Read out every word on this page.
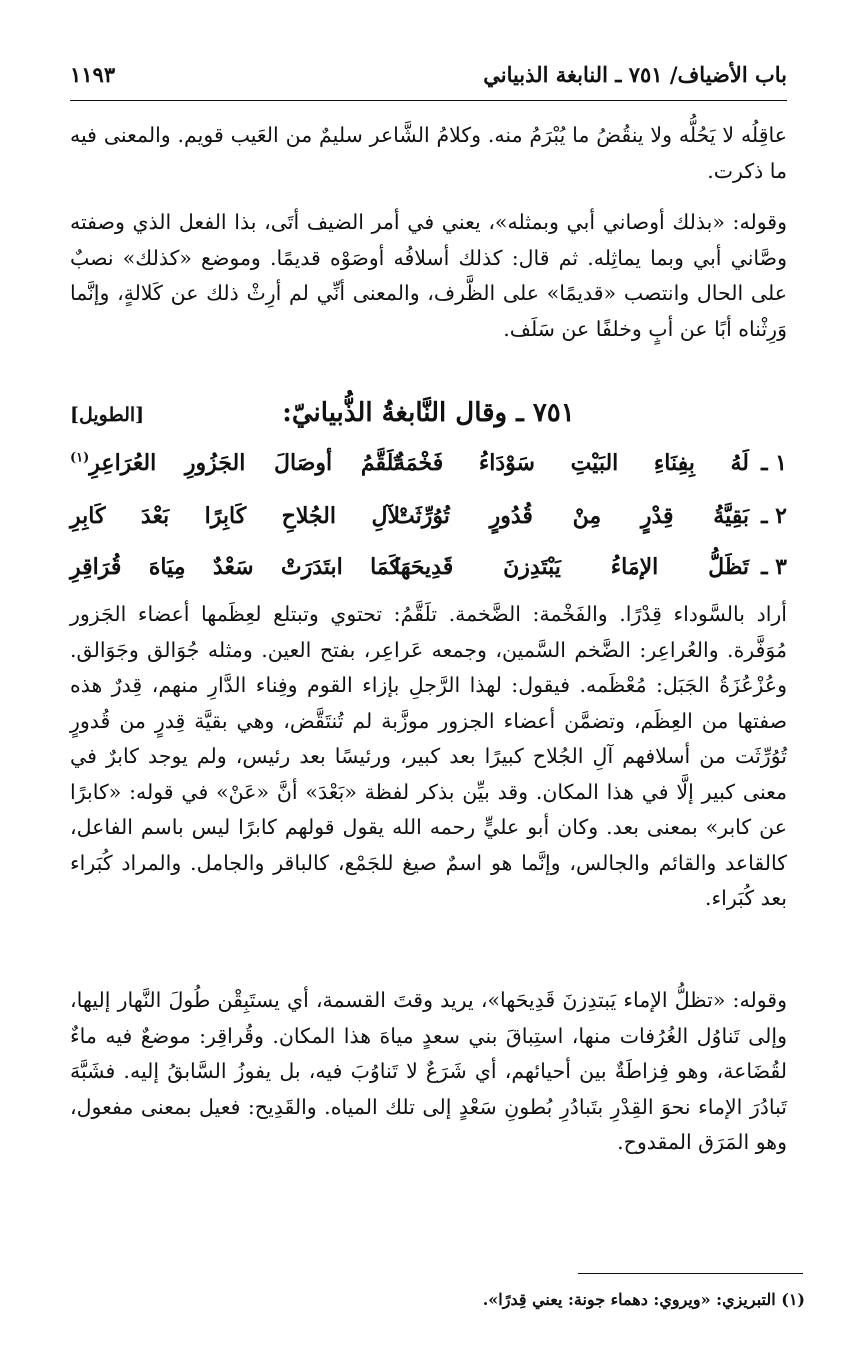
باب الأضياف/ ٧٥١ ـ النابغة الذبياني
١١٩٣

عاقِلُه لا يَحُلُّه ولا ينقُضُ ما يُبْرَمُ منه. وكلامُ الشَّاعر سليمٌ من العَيب قويم. والمعنى فيه ما ذكرت.

وقوله: «بذلك أوصاني أبي وبمثله»، يعني في أمر الضيف أتَى، بذا الفعل الذي وصفته وصَّاني أبي وبما يماثِله. ثم قال: كذلك أسلافُه أوصَوْه قديمًا. وموضع «كذلك» نصبٌ على الحال وانتصب «قديمًا» على الظَّرف، والمعنى أنِّي لم أرِثْ ذلك عن كَلالةٍ، وإنَّما وَرِثْناه أبًا عن أبٍ وخلفًا عن سَلَف.

٧٥١ ـ وقال النَّابغةُ الذُّبيانيّ:
[الطويل]
١ ـ
لَهُ بِفِنَاءِ البَيْتِ سَوْدَاءُ فَخْمَةٌ
تَلَقَّمُ أوصَالَ الجَزُورِ العُرَاعِرِ$^{(١)}$
٢ ـ
بَقِيَّةُ قِدْرٍ مِنْ قُدُورٍ تُوُرِّثَتْ
لآلِ الجُلاحِ كَابِرًا بَعْدَ كَابِرِ
٣ ـ
تَظَلُّ الإمَاءُ يَبْتَدِزنَ قَدِيحَهَا
كَمَا ابتَدَرَتْ سَعْدٌ مِيَاهَ قُرَاقِرِ

أراد بالسَّوداء قِدْرًا. والفَخْمة: الضَّخمة. تلَقَّمُ: تحتوي وتبتلع لعِظَمها أعضاء الجَزور مُوَفَّرة. والعُراعِر: الضَّخم السَّمين، وجمعه عَراعِر، بفتح العين. ومثله جُوَالق وجَوَالق. وعُزْعُزَةُ الجَبَل: مُعْظَمه. فيقول: لهذا الرَّجلِ بإزاء القوم وفِناء الدَّارِ منهم، قِدرٌ هذه صفتها من العِظَم، وتضمَّن أعضاء الجزور موزَّبة لم تُنتَقَّض، وهي بقيَّة قِدرٍ من قُدورٍ تُوُرِّثَت من أسلافهم آلِ الجُلاح كبيرًا بعد كبير، ورئيسًا بعد رئيس، ولم يوجد كابرٌ في معنى كبير إلَّا في هذا المكان. وقد بيِّن بذكر لفظة «بَعْدَ» أنَّ «عَنْ» في قوله: «كابرًا عن كابر» بمعنى بعد. وكان أبو عليٍّ رحمه الله يقول قولهم كابرًا ليس باسم الفاعل، كالقاعد والقائم والجالس، وإنَّما هو اسمٌ صيغ للجَمْع، كالباقر والجامل. والمراد كُبَراء بعد كُبَراء.

وقوله: «تظلُّ الإماء يَبتدِزنَ قَدِيحَها»، يريد وقتَ القسمة، أي يستَبِقْن طُولَ النَّهار إليها، وإلى تَناوُل الغُرُفات منها، استِباقَ بني سعدٍ مياهَ هذا المكان. وقُراقِر: موضعٌ فيه ماءٌ لقُضَاعة، وهو فِزاطَةٌ بين أحيائهم، أي شَرَعٌ لا تَناوُبَ فيه، بل يفوزُ السَّابقُ إليه. فشَبَّهَ تَبادُرَ الإماء نحوَ القِدْرِ بتَبادُرِ بُطونِ سَعْدٍ إلى تلك المياه. والقَدِيح: فعيل بمعنى مفعول، وهو المَرَق المقدوح.

(١) التبريزي: «ويروي: دهماء جونة: يعني قِدرًا».
